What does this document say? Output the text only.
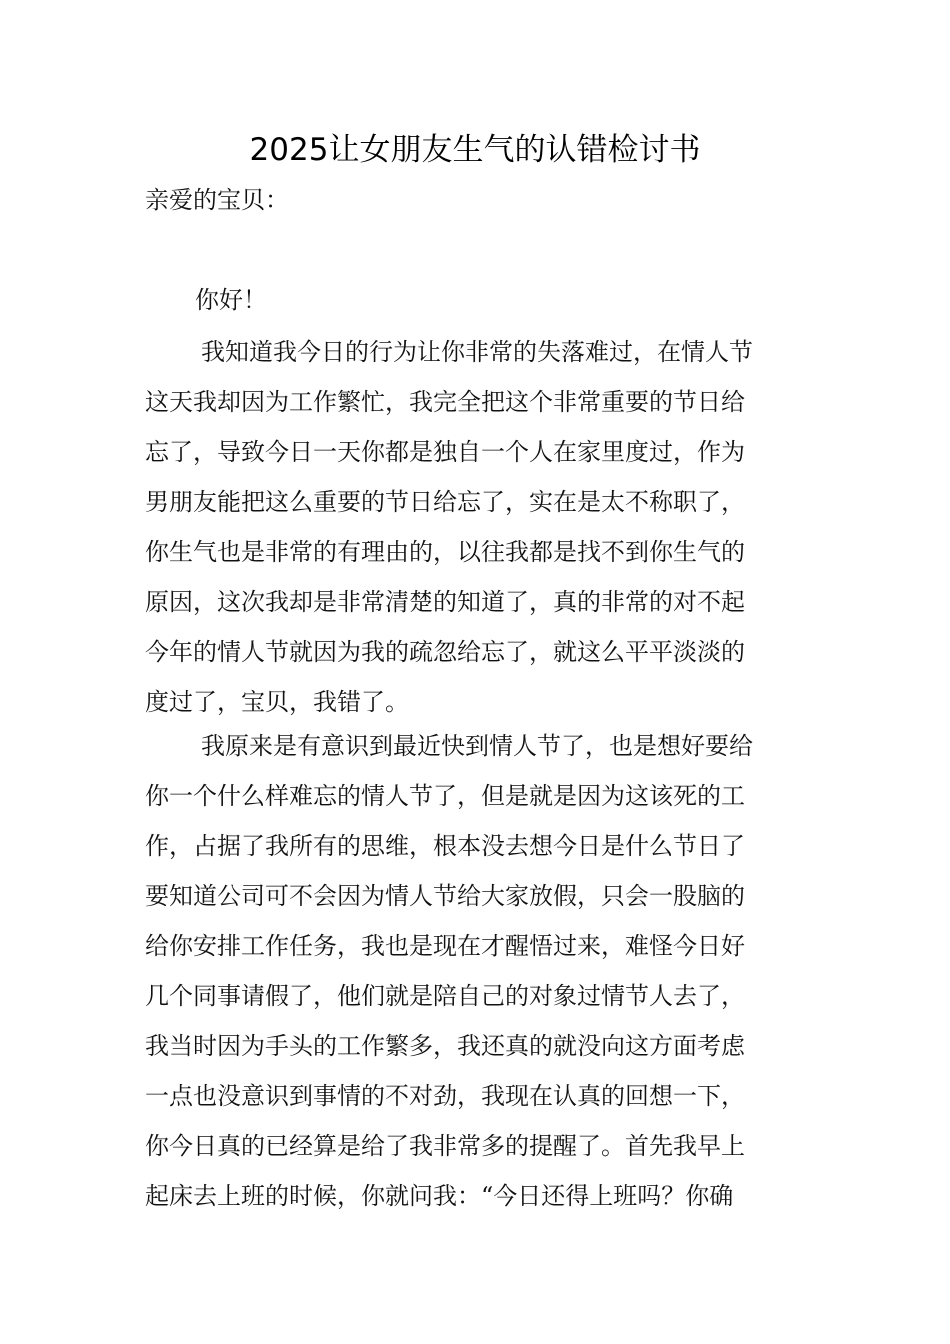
2025让女朋友生气的认错检讨书
亲爱的宝贝：
你好！
我知道我今日的行为让你非常的失落难过，在情人节
这天我却因为工作繁忙，我完全把这个非常重要的节日给
忘了，导致今日一天你都是独自一个人在家里度过，作为
男朋友能把这么重要的节日给忘了，实在是太不称职了，
你生气也是非常的有理由的，以往我都是找不到你生气的
原因，这次我却是非常清楚的知道了，真的非常的对不起
今年的情人节就因为我的疏忽给忘了，就这么平平淡淡的
度过了，宝贝，我错了。
我原来是有意识到最近快到情人节了，也是想好要给
你一个什么样难忘的情人节了，但是就是因为这该死的工
作，占据了我所有的思维，根本没去想今日是什么节日了
要知道公司可不会因为情人节给大家放假，只会一股脑的
给你安排工作任务，我也是现在才醒悟过来，难怪今日好
几个同事请假了，他们就是陪自己的对象过情节人去了，
我当时因为手头的工作繁多，我还真的就没向这方面考虑
一点也没意识到事情的不对劲，我现在认真的回想一下，
你今日真的已经算是给了我非常多的提醒了。首先我早上
起床去上班的时候，你就问我：“今日还得上班吗？你确
